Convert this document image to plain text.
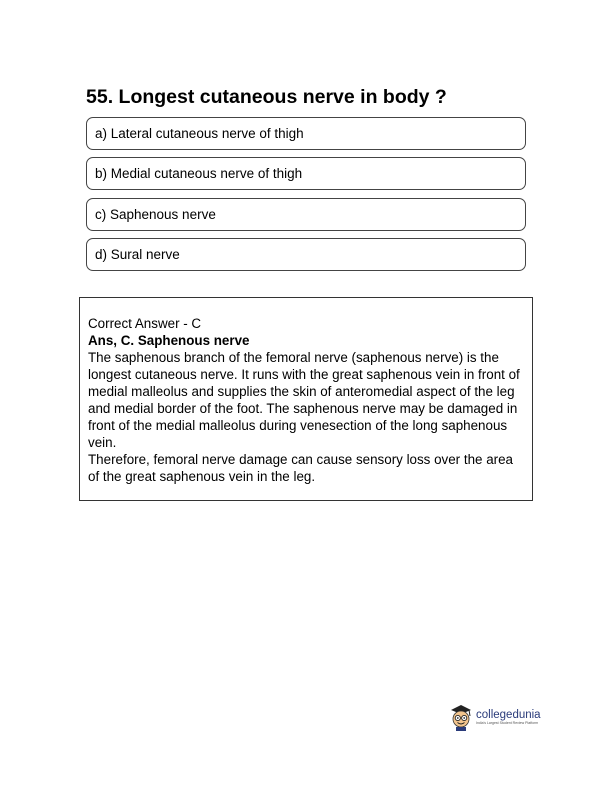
55. Longest cutaneous nerve in body ?
a) Lateral cutaneous nerve of thigh
b) Medial cutaneous nerve of thigh
c) Saphenous nerve
d) Sural nerve

Correct Answer - C

Ans, C. Saphenous nerve

The saphenous branch of the femoral nerve (saphenous nerve) is the longest cutaneous nerve. It runs with the great saphenous vein in front of medial malleolus and supplies the skin of anteromedial aspect of the leg and medial border of the foot. The saphenous nerve may be damaged in front of the medial malleolus during venesection of the long saphenous vein.

Therefore, femoral nerve damage can cause sensory loss over the area of the great saphenous vein in the leg.

collegedunia
India's Largest Student Review Platform
